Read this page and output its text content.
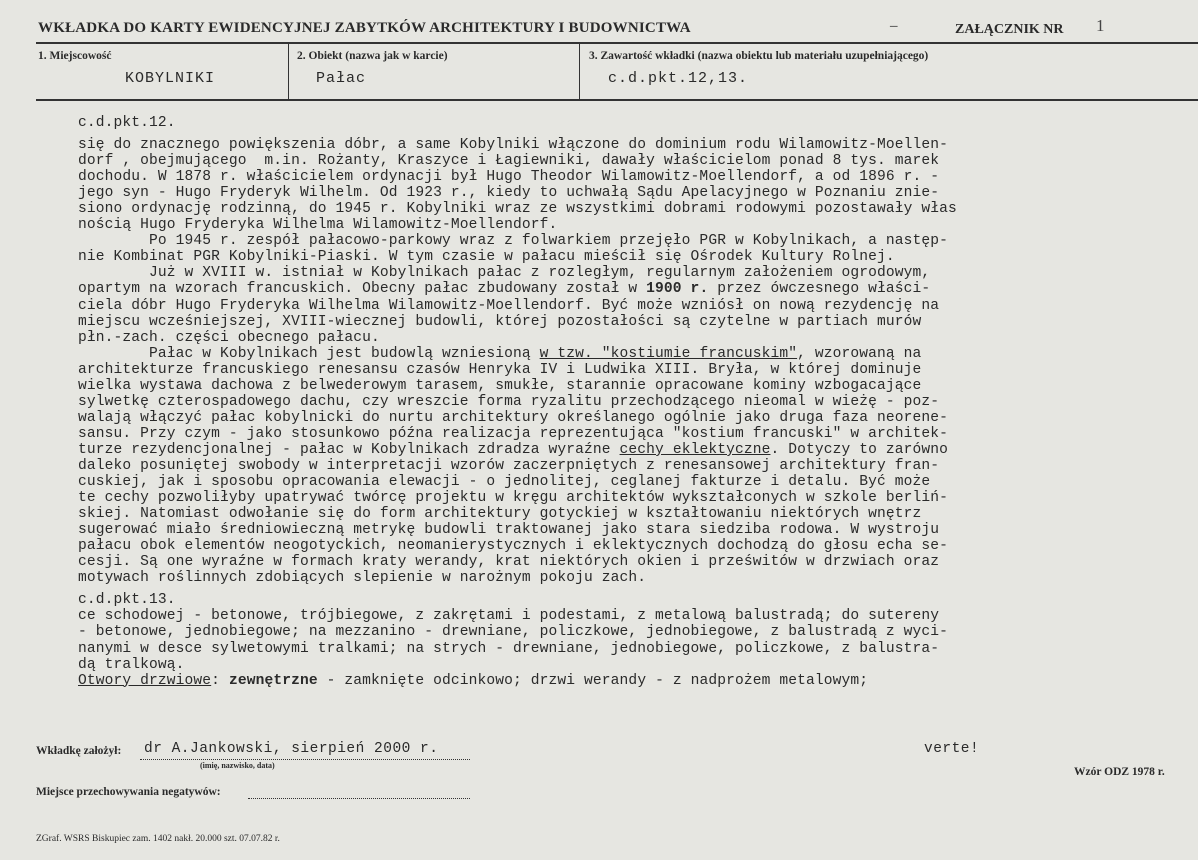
WKŁADKA DO KARTY EWIDENCYJNEJ ZABYTKÓW ARCHITEKTURY I BUDOWNICTWA	–	ZAŁĄCZNIK NR 1
1. Miejscowość
KOBYLNIKI
2. Obiekt (nazwa jak w karcie)
Pałac
3. Zawartość wkładki (nazwa obiektu lub materiału uzupełniającego)
c.d.pkt.12,13.
c.d.pkt.12.
się do znacznego powiększenia dóbr, a same Kobylniki włączone do dominium rodu Wilamowitz-Moellen-
dorf , obejmującego  m.in. Rożanty, Kraszyce i Łagiewniki, dawały właścicielom ponad 8 tys. marek
dochodu. W 1878 r. właścicielem ordynacji był Hugo Theodor Wilamowitz-Moellendorf, a od 1896 r. -
jego syn - Hugo Fryderyk Wilhelm. Od 1923 r., kiedy to uchwałą Sądu Apelacyjnego w Poznaniu znie-
siono ordynację rodzinną, do 1945 r. Kobylniki wraz ze wszystkimi dobrami rodowymi pozostawały włas
nością Hugo Fryderyka Wilhelma Wilamowitz-Moellendorf.
Po 1945 r. zespół pałacowo-parkowy wraz z folwarkiem przejęło PGR w Kobylnikach, a następ-
nie Kombinat PGR Kobylniki-Piaski. W tym czasie w pałacu mieścił się Ośrodek Kultury Rolnej.
Już w XVIII w. istniał w Kobylnikach pałac z rozległym, regularnym założeniem ogrodowym,
opartym na wzorach francuskich. Obecny pałac zbudowany został w 1900 r. przez ówczesnego właści-
ciela dóbr Hugo Fryderyka Wilhelma Wilamowitz-Moellendorf. Być może wzniósł on nową rezydencję na
miejscu wcześniejszej, XVIII-wiecznej budowli, której pozostałości są czytelne w partiach murów
płn.-zach. części obecnego pałacu.
Pałac w Kobylnikach jest budowlą wzniesioną w tzw. "kostiumie francuskim", wzorowaną na
architekturze francuskiego renesansu czasów Henryka IV i Ludwika XIII. Bryła, w której dominuje
wielka wystawa dachowa z belwederowym tarasem, smukłe, starannie opracowane kominy wzbogacające
sylwetkę czterospadowego dachu, czy wreszcie forma ryzalitu przechodzącego nieomal w wieżę - poz-
walają włączyć pałac kobylnicki do nurtu architektury określanego ogólnie jako druga faza neorene-
sansu. Przy czym - jako stosunkowo późna realizacja reprezentująca "kostium francuski" w architek-
turze rezydencjonalnej - pałac w Kobylnikach zdradza wyraźne cechy eklektyczne. Dotyczy to zarówno
daleko posuniętej swobody w interpretacji wzorów zaczerpniętych z renesansowej architektury fran-
cuskiej, jak i sposobu opracowania elewacji - o jednolitej, ceglanej fakturze i detalu. Być może
te cechy pozwoliłyby upatrywać twórcę projektu w kręgu architektów wykształconych w szkole berliń-
skiej. Natomiast odwołanie się do form architektury gotyckiej w kształtowaniu niektórych wnętrz
sugerować miało średniowieczną metrykę budowli traktowanej jako stara siedziba rodowa. W wystroju
pałacu obok elementów neogotyckich, neomanierystycznych i eklektycznych dochodzą do głosu echa se-
cesji. Są one wyraźne w formach kraty werandy, krat niektórych okien i prześwitów w drzwiach oraz
motywach roślinnych zdobiących slepienie w narożnym pokoju zach.
c.d.pkt.13.
ce schodowej - betonowe, trójbiegowe, z zakrętami i podestami, z metalową balustradą; do sutereny
- betonowe, jednobiegowe; na mezzanino - drewniane, policzkowe, jednobiegowe, z balustradą z wyci-
nanymi w desce sylwetowymi tralkami; na strych - drewniane, jednobiegowe, policzkowe, z balustra-
dą tralkową.
Otwory drzwiowe: zewnętrzne - zamknięte odcinkowo; drzwi werandy - z nadprożem metalowym;
Wkładkę założył: dr A.Jankowski, sierpień 2000 r.
(imię, nazwisko, data)
verte!
Wzór ODZ 1978 r.
Miejsce przechowywania negatywów:
ZGraf. WSRS Biskupiec zam. 1402 nakł. 20.000 szt. 07.07.82 r.
